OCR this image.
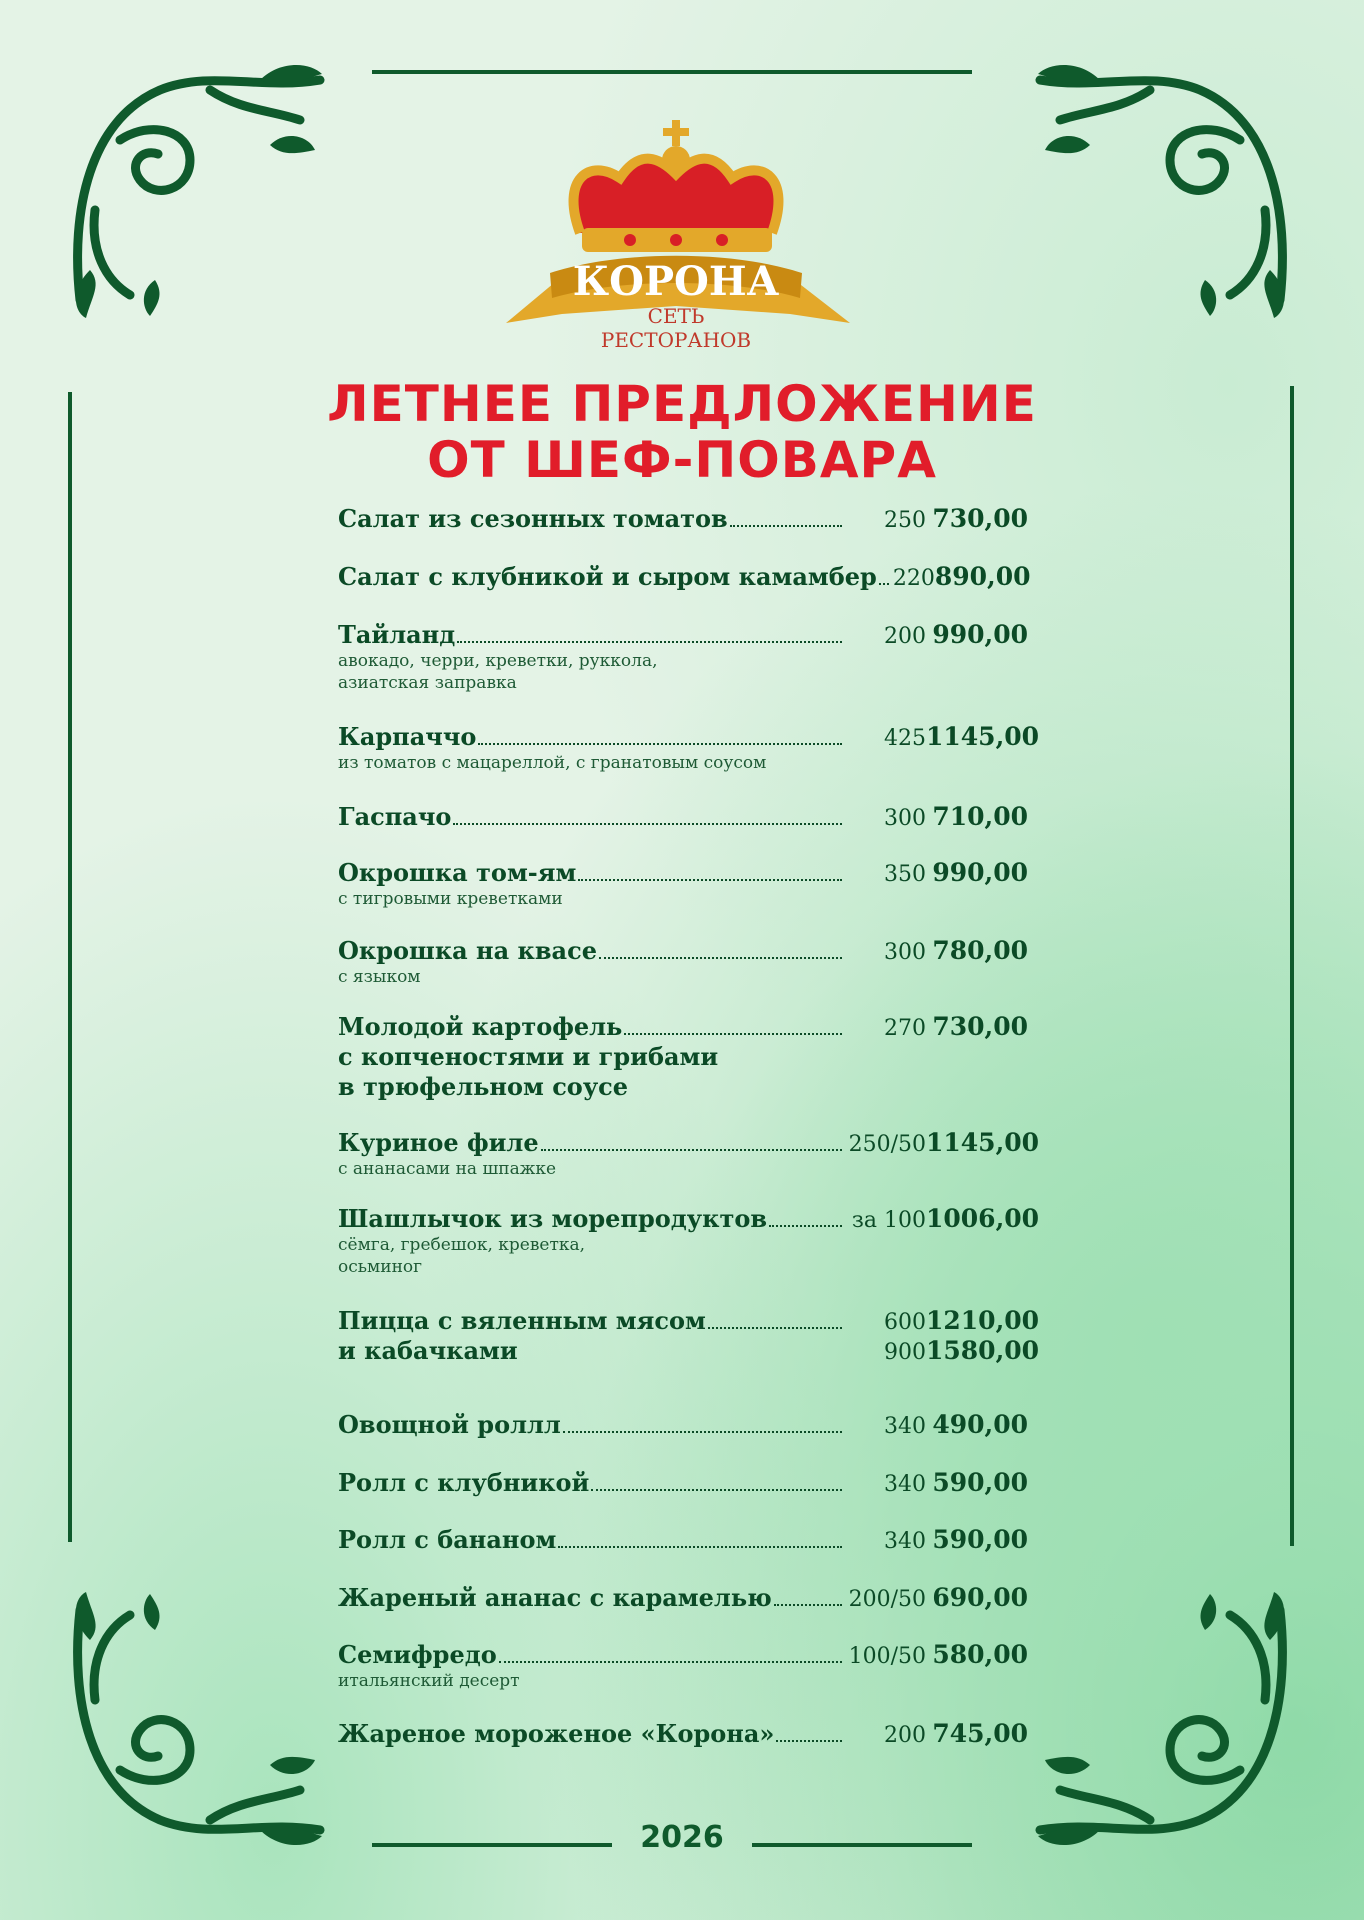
КОРОНА
СЕТЬ
РЕСТОРАНОВ
ЛЕТНЕЕ ПРЕДЛОЖЕНИЕ
ОТ ШЕФ-ПОВАРА
Салат из сезонных томатов	250 730,00
Салат с клубникой и сыром камамбер 220 890,00
Тайланд	200 990,00
авокадо, черри, креветки, руккола,
азиатская заправка
Карпаччо	425 1145,00
из томатов с мацареллой, с гранатовым соусом
Гаспачо	300 710,00
Окрошка том-ям	350 990,00
с тигровыми креветками
Окрошка на квасе	300 780,00
с языком
Молодой картофель	270 730,00
с копченостями и грибами
в трюфельном соусе
Куриное филе	250/50 1145,00
с ананасами на шпажке
Шашлычок из морепродуктов	за 100 1006,00
сёмга, гребешок, креветка,
осьминог
Пицца с вяленным мясом	600 1210,00
и кабачками	900 1580,00
Овощной роллл	340 490,00
Ролл с клубникой	340 590,00
Ролл с бананом	340 590,00
Жареный ананас с карамелью	200/50 690,00
Семифредо	100/50 580,00
итальянский десерт
Жареное мороженое «Корона»	200 745,00
2026
